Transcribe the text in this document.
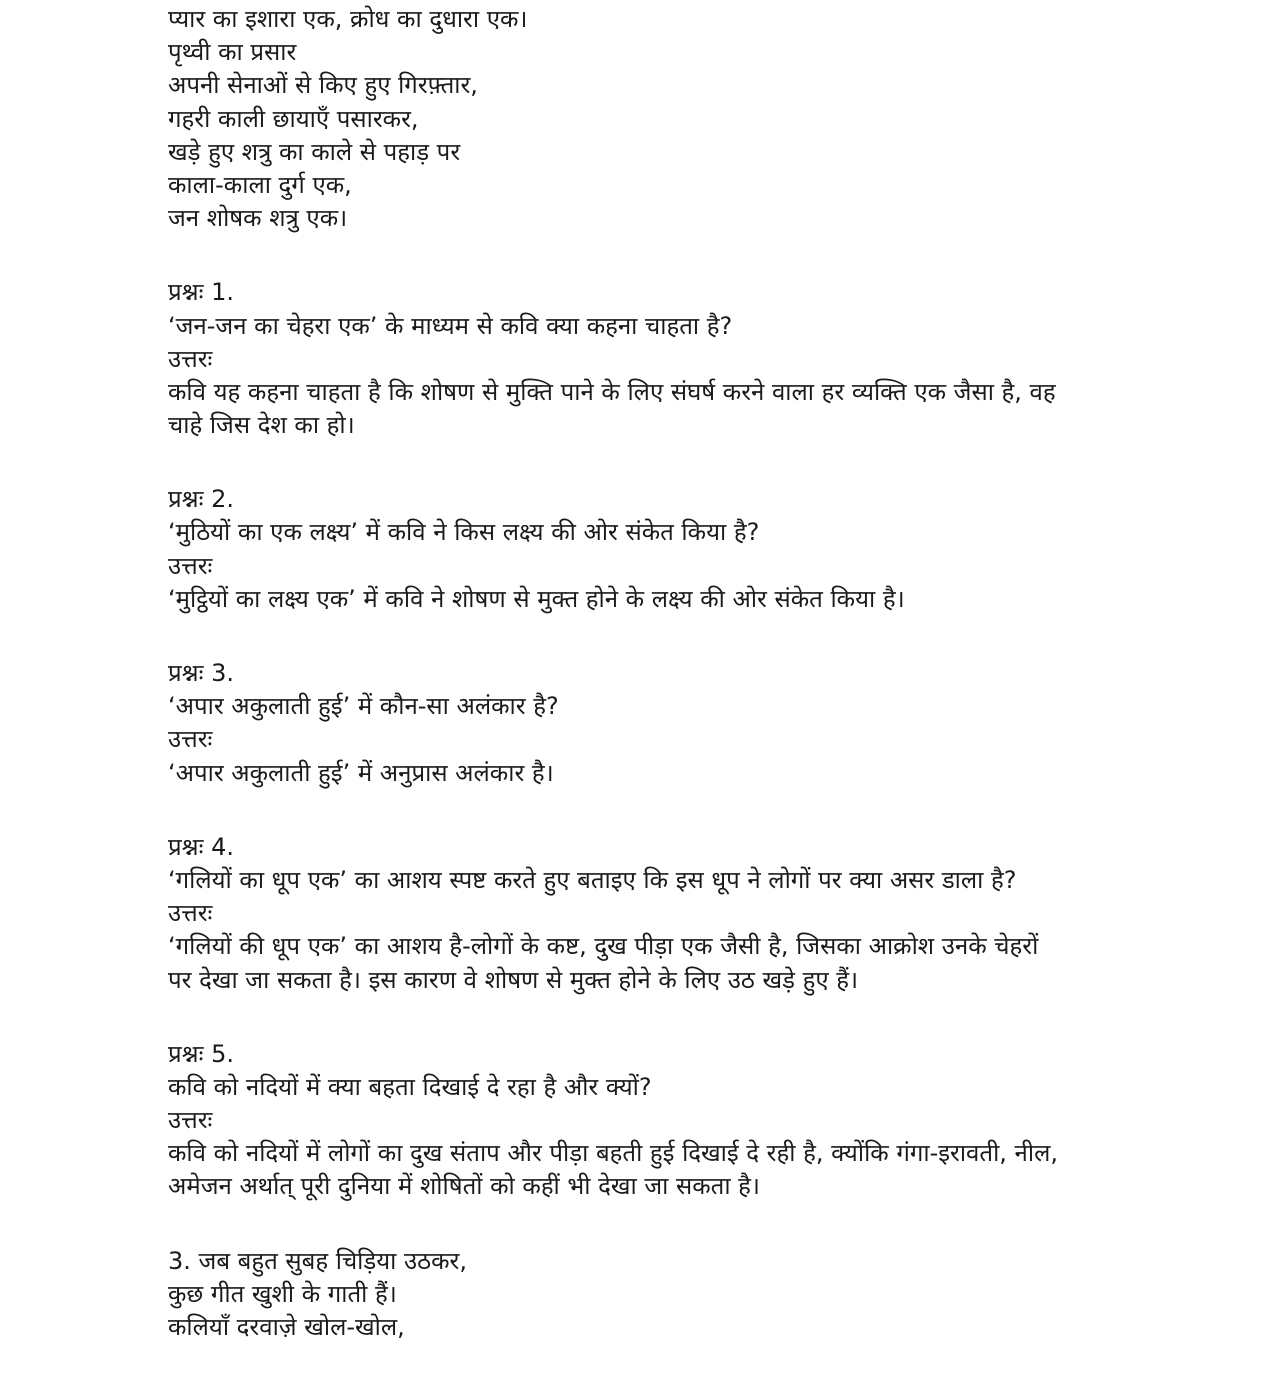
प्यार का इशारा एक, क्रोध का दुधारा एक।
पृथ्वी का प्रसार
अपनी सेनाओं से किए हुए गिरफ़्तार,
गहरी काली छायाएँ पसारकर,
खड़े हुए शत्रु का काले से पहाड़ पर
काला-काला दुर्ग एक,
जन शोषक शत्रु एक।
प्रश्नः 1.
‘जन-जन का चेहरा एक’ के माध्यम से कवि क्या कहना चाहता है?
उत्तरः
कवि यह कहना चाहता है कि शोषण से मुक्ति पाने के लिए संघर्ष करने वाला हर व्यक्ति एक जैसा है, वह
चाहे जिस देश का हो।
प्रश्नः 2.
‘मुठियों का एक लक्ष्य’ में कवि ने किस लक्ष्य की ओर संकेत किया है?
उत्तरः
‘मुट्ठियों का लक्ष्य एक’ में कवि ने शोषण से मुक्त होने के लक्ष्य की ओर संकेत किया है।
प्रश्नः 3.
‘अपार अकुलाती हुई’ में कौन-सा अलंकार है?
उत्तरः
‘अपार अकुलाती हुई’ में अनुप्रास अलंकार है।
प्रश्नः 4.
‘गलियों का धूप एक’ का आशय स्पष्ट करते हुए बताइए कि इस धूप ने लोगों पर क्या असर डाला है?
उत्तरः
‘गलियों की धूप एक’ का आशय है-लोगों के कष्ट, दुख पीड़ा एक जैसी है, जिसका आक्रोश उनके चेहरों
पर देखा जा सकता है। इस कारण वे शोषण से मुक्त होने के लिए उठ खड़े हुए हैं।
प्रश्नः 5.
कवि को नदियों में क्या बहता दिखाई दे रहा है और क्यों?
उत्तरः
कवि को नदियों में लोगों का दुख संताप और पीड़ा बहती हुई दिखाई दे रही है, क्योंकि गंगा-इरावती, नील,
अमेजन अर्थात् पूरी दुनिया में शोषितों को कहीं भी देखा जा सकता है।
3. जब बहुत सुबह चिड़िया उठकर,
कुछ गीत खुशी के गाती हैं।
कलियाँ दरवाज़े खोल-खोल,
